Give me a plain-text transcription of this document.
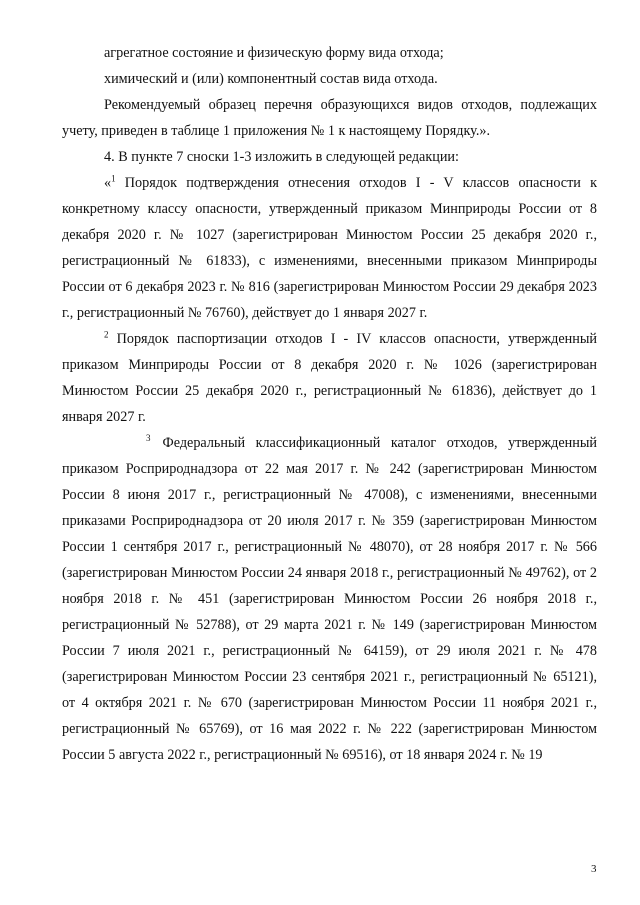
агрегатное состояние и физическую форму вида отхода;

химический и (или) компонентный состав вида отхода.

Рекомендуемый образец перечня образующихся видов отходов, подлежащих учету, приведен в таблице 1 приложения № 1 к настоящему Порядку.».

4. В пункте 7 сноски 1-3 изложить в следующей редакции:

«$^1$ Порядок подтверждения отнесения отходов I - V классов опасности к конкретному классу опасности, утвержденный приказом Минприроды России от 8 декабря 2020 г. № 1027 (зарегистрирован Минюстом России 25 декабря 2020 г., регистрационный № 61833), с изменениями, внесенными приказом Минприроды России от 6 декабря 2023 г. № 816 (зарегистрирован Минюстом России 29 декабря 2023 г., регистрационный № 76760), действует до 1 января 2027 г.

$^2$ Порядок паспортизации отходов I - IV классов опасности, утвержденный приказом Минприроды России от 8 декабря 2020 г. № 1026 (зарегистрирован Минюстом России 25 декабря 2020 г., регистрационный № 61836), действует до 1 января 2027 г.

$^3$ Федеральный классификационный каталог отходов, утвержденный приказом Росприроднадзора от 22 мая 2017 г. № 242 (зарегистрирован Минюстом России 8 июня 2017 г., регистрационный № 47008), с изменениями, внесенными приказами Росприроднадзора от 20 июля 2017 г. № 359 (зарегистрирован Минюстом России 1 сентября 2017 г., регистрационный № 48070), от 28 ноября 2017 г. № 566 (зарегистрирован Минюстом России 24 января 2018 г., регистрационный № 49762), от 2 ноября 2018 г. № 451 (зарегистрирован Минюстом России 26 ноября 2018 г., регистрационный № 52788), от 29 марта 2021 г. № 149 (зарегистрирован Минюстом России 7 июля 2021 г., регистрационный № 64159), от 29 июля 2021 г. № 478 (зарегистрирован Минюстом России 23 сентября 2021 г., регистрационный № 65121), от 4 октября 2021 г. № 670 (зарегистрирован Минюстом России 11 ноября 2021 г., регистрационный № 65769), от 16 мая 2022 г. № 222 (зарегистрирован Минюстом России 5 августа 2022 г., регистрационный № 69516), от 18 января 2024 г. № 19

3
